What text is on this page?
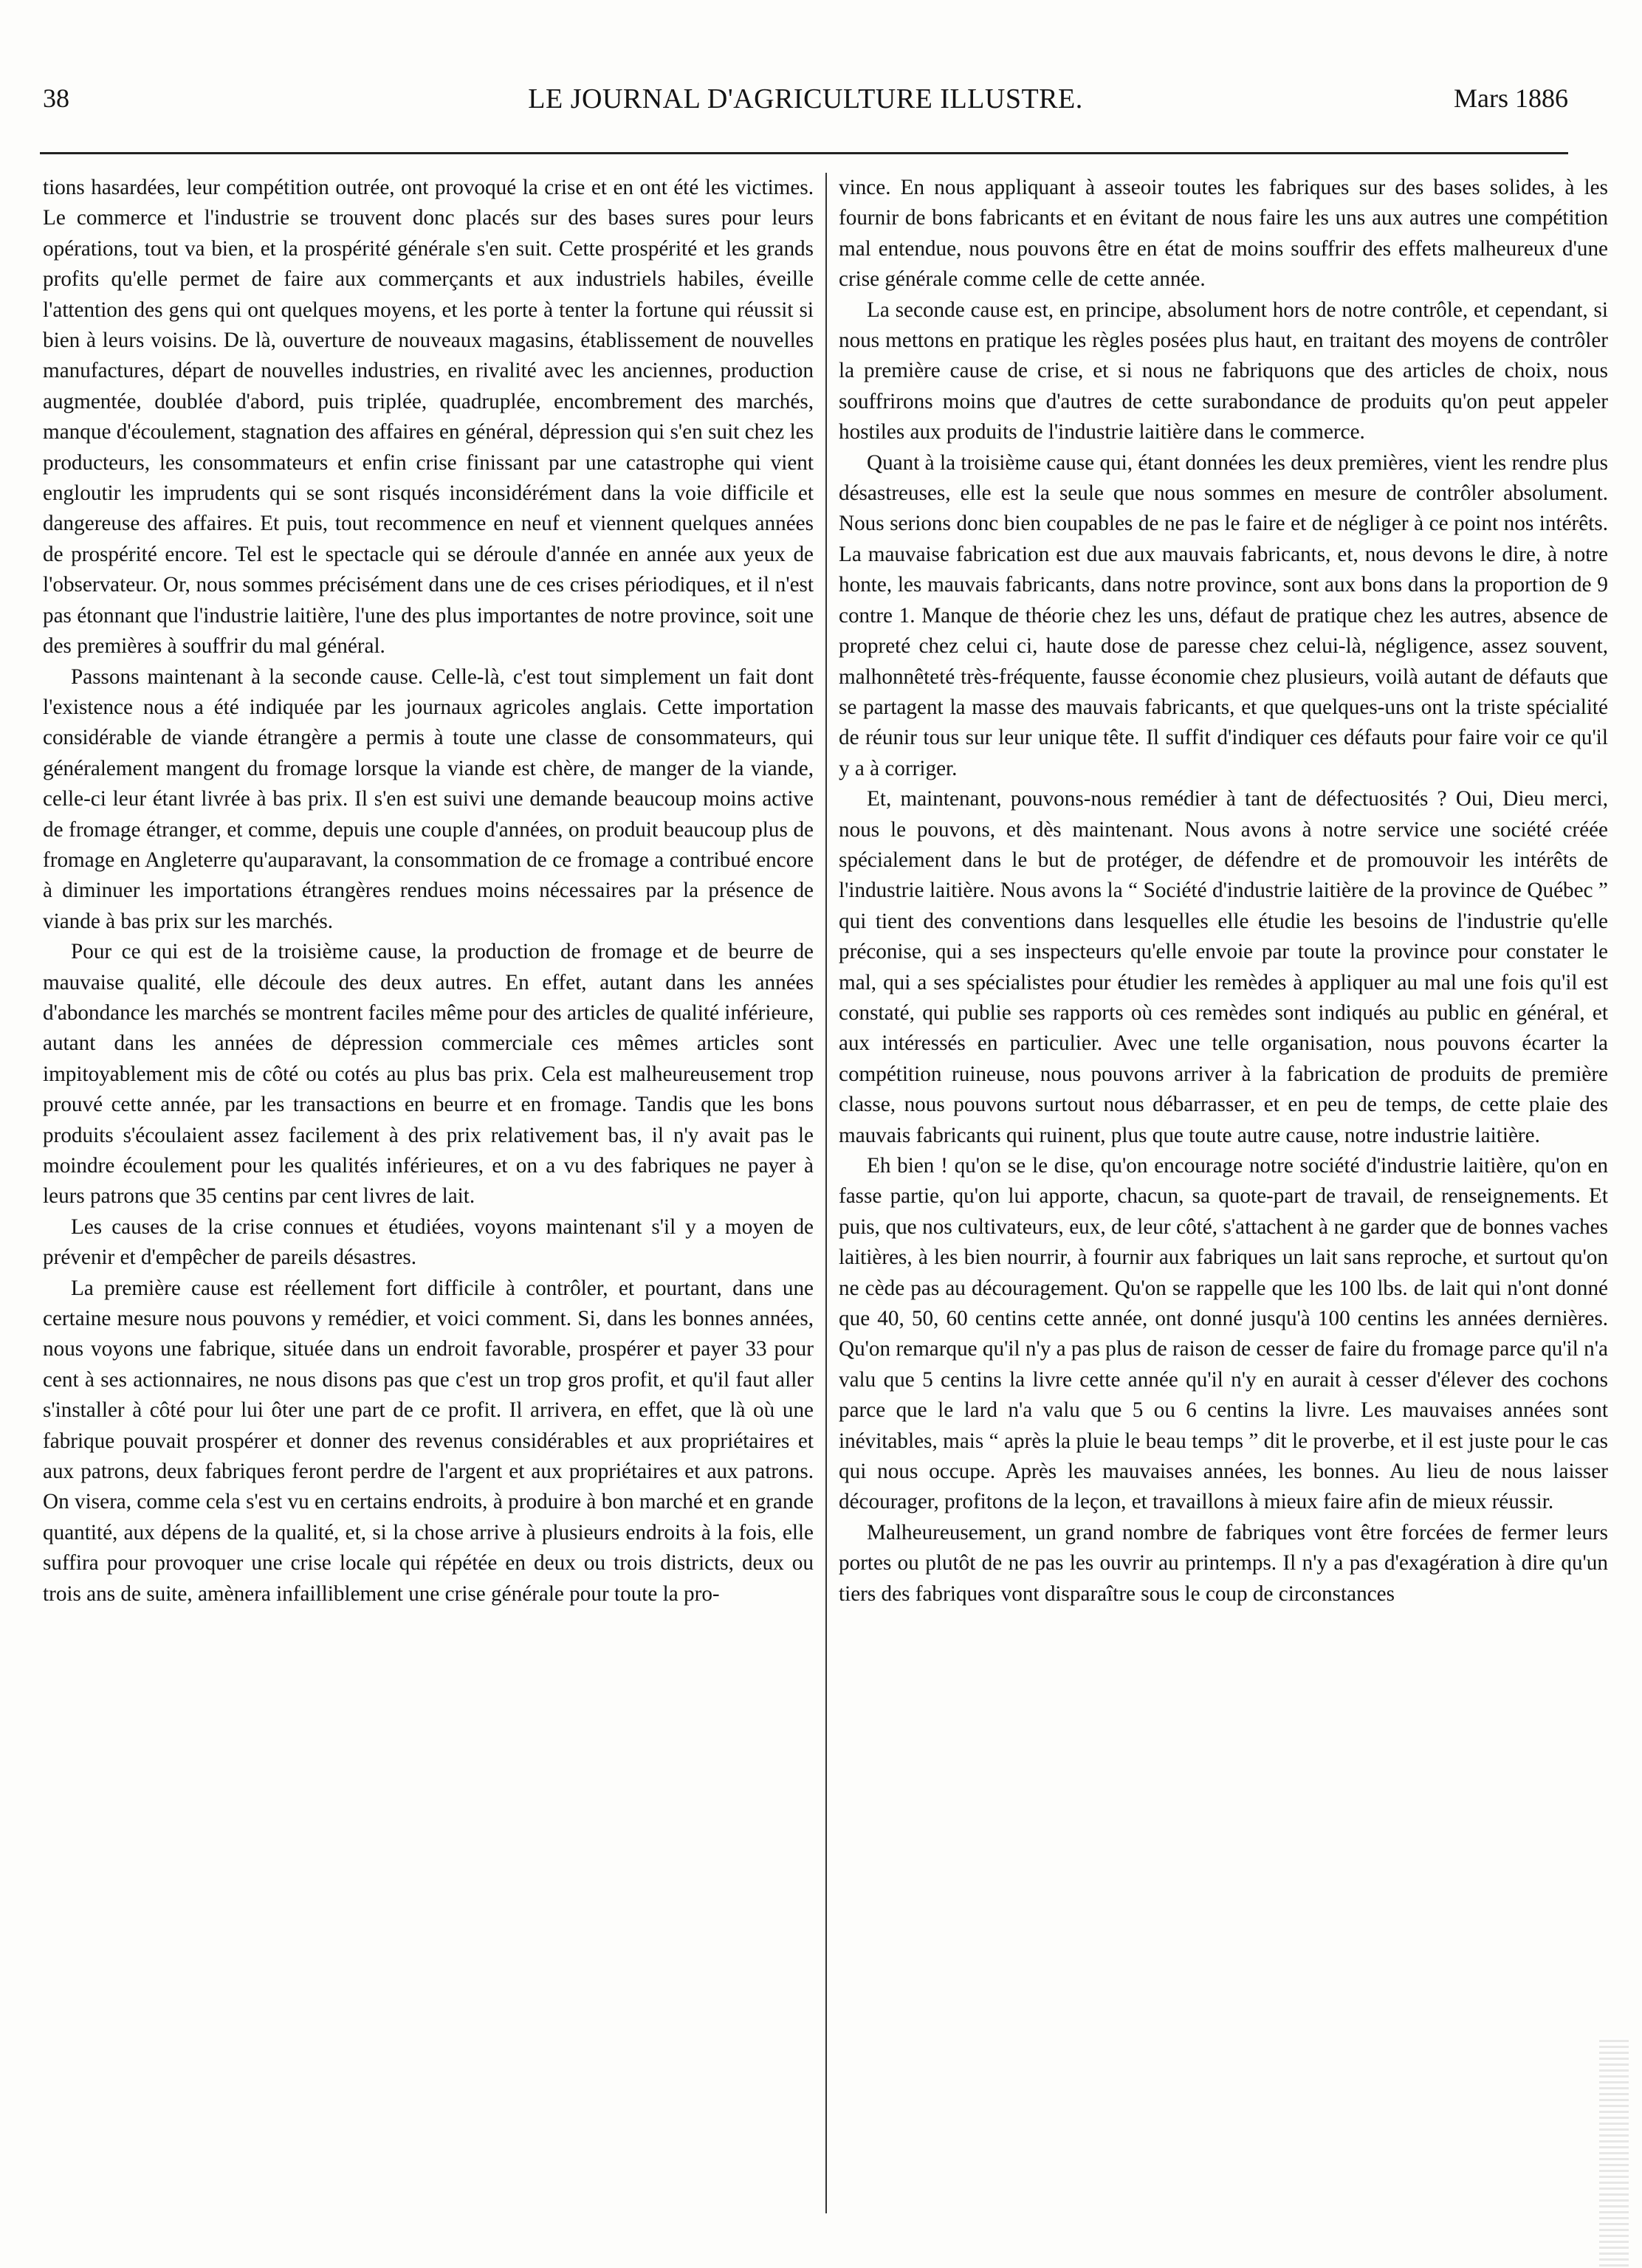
38	LE JOURNAL D'AGRICULTURE ILLUSTRE.	Mars 1886

tions hasardées, leur compétition outrée, ont provoqué la crise et en ont été les victimes. Le commerce et l'industrie se trouvent donc placés sur des bases sures pour leurs opérations, tout va bien, et la prospérité générale s'en suit. Cette prospérité et les grands profits qu'elle permet de faire aux commerçants et aux industriels habiles, éveille l'attention des gens qui ont quelques moyens, et les porte à tenter la fortune qui réussit si bien à leurs voisins. De là, ouverture de nouveaux magasins, établissement de nouvelles manufactures, départ de nouvelles industries, en rivalité avec les anciennes, production augmentée, doublée d'abord, puis triplée, quadruplée, encombrement des marchés, manque d'écoulement, stagnation des affaires en général, dépression qui s'en suit chez les producteurs, les consommateurs et enfin crise finissant par une catastrophe qui vient engloutir les imprudents qui se sont risqués inconsidérément dans la voie difficile et dangereuse des affaires. Et puis, tout recommence en neuf et viennent quelques années de prospérité encore. Tel est le spectacle qui se déroule d'année en année aux yeux de l'observateur. Or, nous sommes précisément dans une de ces crises périodiques, et il n'est pas étonnant que l'industrie laitière, l'une des plus importantes de notre province, soit une des premières à souffrir du mal général.

Passons maintenant à la seconde cause. Celle-là, c'est tout simplement un fait dont l'existence nous a été indiquée par les journaux agricoles anglais. Cette importation considérable de viande étrangère a permis à toute une classe de consommateurs, qui généralement mangent du fromage lorsque la viande est chère, de manger de la viande, celle-ci leur étant livrée à bas prix. Il s'en est suivi une demande beaucoup moins active de fromage étranger, et comme, depuis une couple d'années, on produit beaucoup plus de fromage en Angleterre qu'auparavant, la consommation de ce fromage a contribué encore à diminuer les importations étrangères rendues moins nécessaires par la présence de viande à bas prix sur les marchés.

Pour ce qui est de la troisième cause, la production de fromage et de beurre de mauvaise qualité, elle découle des deux autres. En effet, autant dans les années d'abondance les marchés se montrent faciles même pour des articles de qualité inférieure, autant dans les années de dépression commerciale ces mêmes articles sont impitoyablement mis de côté ou cotés au plus bas prix. Cela est malheureusement trop prouvé cette année, par les transactions en beurre et en fromage. Tandis que les bons produits s'écoulaient assez facilement à des prix relativement bas, il n'y avait pas le moindre écoulement pour les qualités inférieures, et on a vu des fabriques ne payer à leurs patrons que 35 centins par cent livres de lait.

Les causes de la crise connues et étudiées, voyons maintenant s'il y a moyen de prévenir et d'empêcher de pareils désastres.

La première cause est réellement fort difficile à contrôler, et pourtant, dans une certaine mesure nous pouvons y remédier, et voici comment. Si, dans les bonnes années, nous voyons une fabrique, située dans un endroit favorable, prospérer et payer 33 pour cent à ses actionnaires, ne nous disons pas que c'est un trop gros profit, et qu'il faut aller s'installer à côté pour lui ôter une part de ce profit. Il arrivera, en effet, que là où une fabrique pouvait prospérer et donner des revenus considérables et aux propriétaires et aux patrons, deux fabriques feront perdre de l'argent et aux propriétaires et aux patrons. On visera, comme cela s'est vu en certains endroits, à produire à bon marché et en grande quantité, aux dépens de la qualité, et, si la chose arrive à plusieurs endroits à la fois, elle suffira pour provoquer une crise locale qui répétée en deux ou trois districts, deux ou trois ans de suite, amènera infailliblement une crise générale pour toute la pro-

vince. En nous appliquant à asseoir toutes les fabriques sur des bases solides, à les fournir de bons fabricants et en évitant de nous faire les uns aux autres une compétition mal entendue, nous pouvons être en état de moins souffrir des effets malheureux d'une crise générale comme celle de cette année.

La seconde cause est, en principe, absolument hors de notre contrôle, et cependant, si nous mettons en pratique les règles posées plus haut, en traitant des moyens de contrôler la première cause de crise, et si nous ne fabriquons que des articles de choix, nous souffrirons moins que d'autres de cette surabondance de produits qu'on peut appeler hostiles aux produits de l'industrie laitière dans le commerce.

Quant à la troisième cause qui, étant données les deux premières, vient les rendre plus désastreuses, elle est la seule que nous sommes en mesure de contrôler absolument. Nous serions donc bien coupables de ne pas le faire et de négliger à ce point nos intérêts. La mauvaise fabrication est due aux mauvais fabricants, et, nous devons le dire, à notre honte, les mauvais fabricants, dans notre province, sont aux bons dans la proportion de 9 contre 1. Manque de théorie chez les uns, défaut de pratique chez les autres, absence de propreté chez celui ci, haute dose de paresse chez celui-là, négligence, assez souvent, malhonnêteté très-fréquente, fausse économie chez plusieurs, voilà autant de défauts que se partagent la masse des mauvais fabricants, et que quelques-uns ont la triste spécialité de réunir tous sur leur unique tête. Il suffit d'indiquer ces défauts pour faire voir ce qu'il y a à corriger.

Et, maintenant, pouvons-nous remédier à tant de défectuosités ? Oui, Dieu merci, nous le pouvons, et dès maintenant. Nous avons à notre service une société créée spécialement dans le but de protéger, de défendre et de promouvoir les intérêts de l'industrie laitière. Nous avons la “ Société d'industrie laitière de la province de Québec ” qui tient des conventions dans lesquelles elle étudie les besoins de l'industrie qu'elle préconise, qui a ses inspecteurs qu'elle envoie par toute la province pour constater le mal, qui a ses spécialistes pour étudier les remèdes à appliquer au mal une fois qu'il est constaté, qui publie ses rapports où ces remèdes sont indiqués au public en général, et aux intéressés en particulier. Avec une telle organisation, nous pouvons écarter la compétition ruineuse, nous pouvons arriver à la fabrication de produits de première classe, nous pouvons surtout nous débarrasser, et en peu de temps, de cette plaie des mauvais fabricants qui ruinent, plus que toute autre cause, notre industrie laitière.

Eh bien ! qu'on se le dise, qu'on encourage notre société d'industrie laitière, qu'on en fasse partie, qu'on lui apporte, chacun, sa quote-part de travail, de renseignements. Et puis, que nos cultivateurs, eux, de leur côté, s'attachent à ne garder que de bonnes vaches laitières, à les bien nourrir, à fournir aux fabriques un lait sans reproche, et surtout qu'on ne cède pas au découragement. Qu'on se rappelle que les 100 lbs. de lait qui n'ont donné que 40, 50, 60 centins cette année, ont donné jusqu'à 100 centins les années dernières. Qu'on remarque qu'il n'y a pas plus de raison de cesser de faire du fromage parce qu'il n'a valu que 5 centins la livre cette année qu'il n'y en aurait à cesser d'élever des cochons parce que le lard n'a valu que 5 ou 6 centins la livre. Les mauvaises années sont inévitables, mais “ après la pluie le beau temps ” dit le proverbe, et il est juste pour le cas qui nous occupe. Après les mauvaises années, les bonnes. Au lieu de nous laisser décourager, profitons de la leçon, et travaillons à mieux faire afin de mieux réussir.

Malheureusement, un grand nombre de fabriques vont être forcées de fermer leurs portes ou plutôt de ne pas les ouvrir au printemps. Il n'y a pas d'exagération à dire qu'un tiers des fabriques vont disparaître sous le coup de circonstances
